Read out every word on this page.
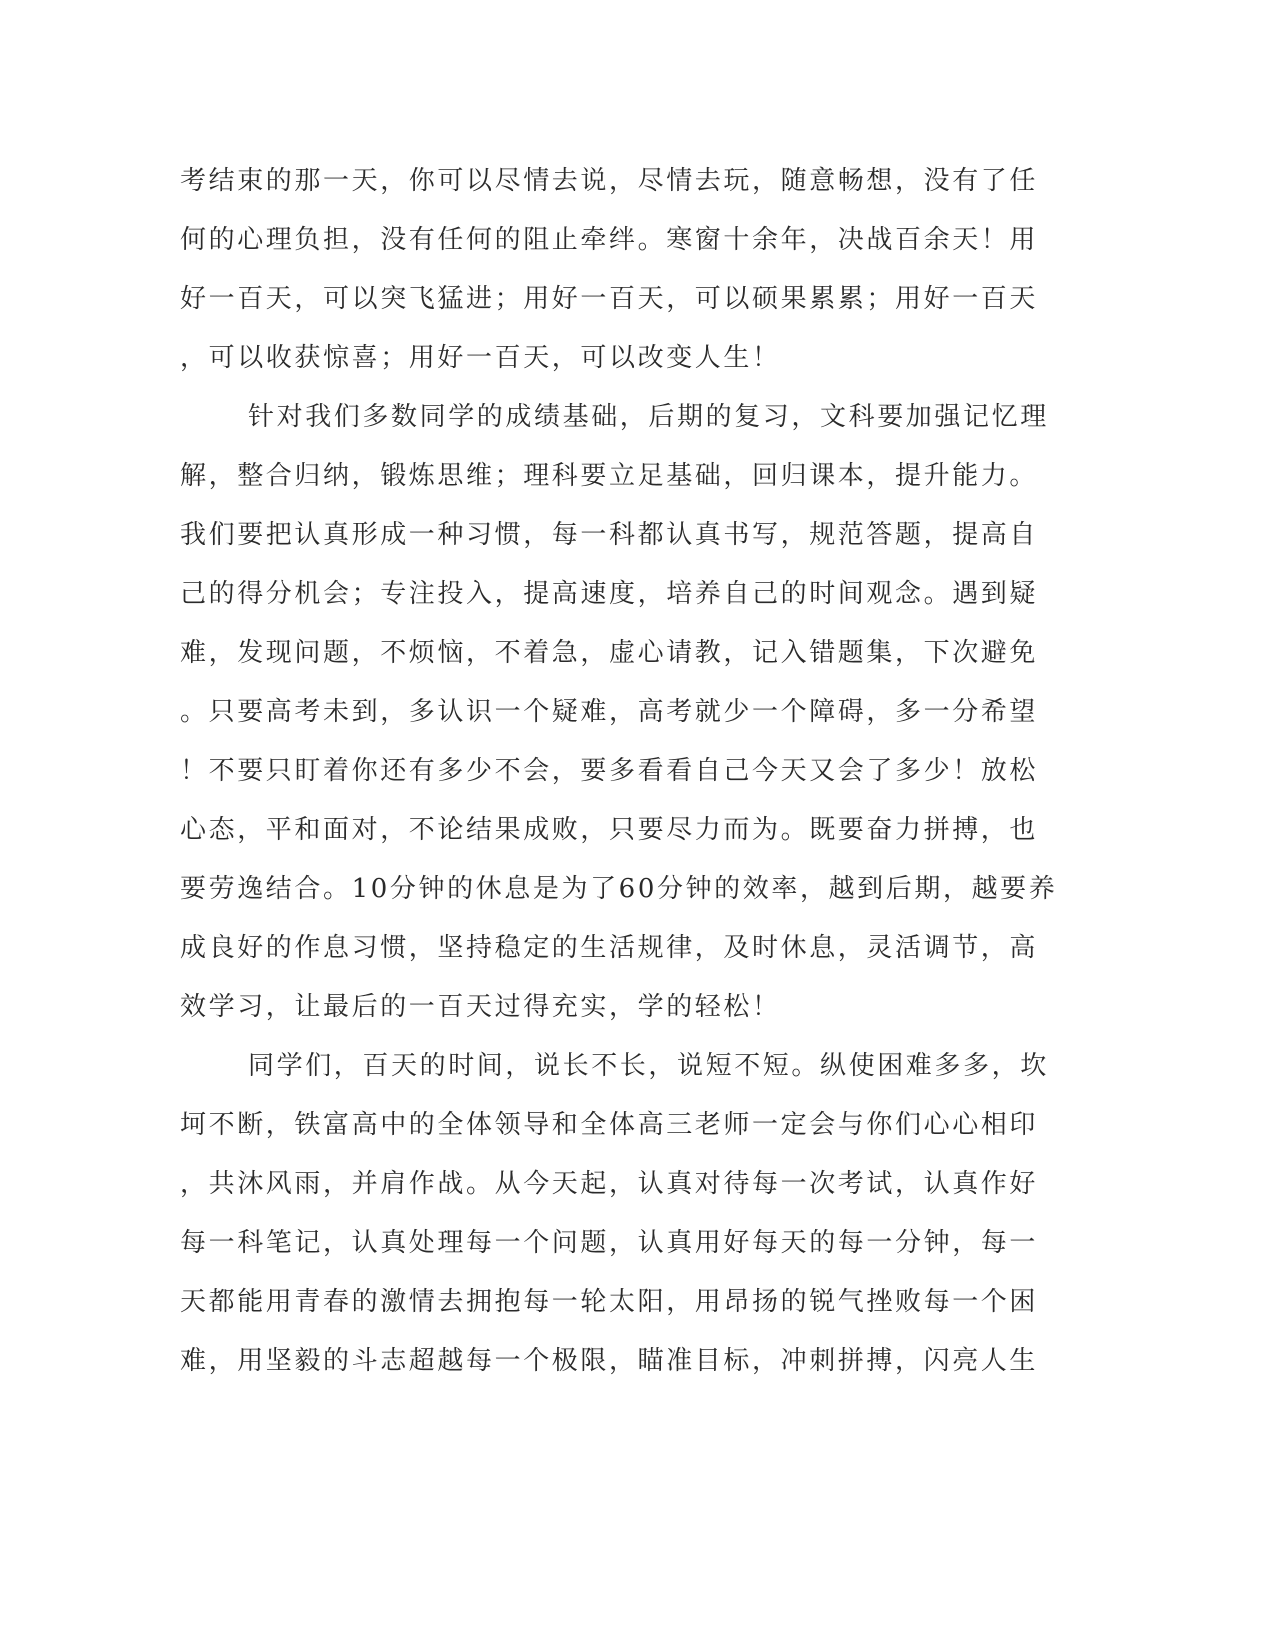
考结束的那一天，你可以尽情去说，尽情去玩，随意畅想，没有了任
何的心理负担，没有任何的阻止牵绊。寒窗十余年，决战百余天！用
好一百天，可以突飞猛进；用好一百天，可以硕果累累；用好一百天
，可以收获惊喜；用好一百天，可以改变人生！
针对我们多数同学的成绩基础，后期的复习，文科要加强记忆理
解，整合归纳，锻炼思维；理科要立足基础，回归课本，提升能力。
我们要把认真形成一种习惯，每一科都认真书写，规范答题，提高自
己的得分机会；专注投入，提高速度，培养自己的时间观念。遇到疑
难，发现问题，不烦恼，不着急，虚心请教，记入错题集，下次避免
。只要高考未到，多认识一个疑难，高考就少一个障碍，多一分希望
！不要只盯着你还有多少不会，要多看看自己今天又会了多少！放松
心态，平和面对，不论结果成败，只要尽力而为。既要奋力拼搏，也
要劳逸结合。10分钟的休息是为了60分钟的效率，越到后期，越要养
成良好的作息习惯，坚持稳定的生活规律，及时休息，灵活调节，高
效学习，让最后的一百天过得充实，学的轻松！
同学们，百天的时间，说长不长，说短不短。纵使困难多多，坎
坷不断，铁富高中的全体领导和全体高三老师一定会与你们心心相印
，共沐风雨，并肩作战。从今天起，认真对待每一次考试，认真作好
每一科笔记，认真处理每一个问题，认真用好每天的每一分钟，每一
天都能用青春的激情去拥抱每一轮太阳，用昂扬的锐气挫败每一个困
难，用坚毅的斗志超越每一个极限，瞄准目标，冲刺拼搏，闪亮人生
